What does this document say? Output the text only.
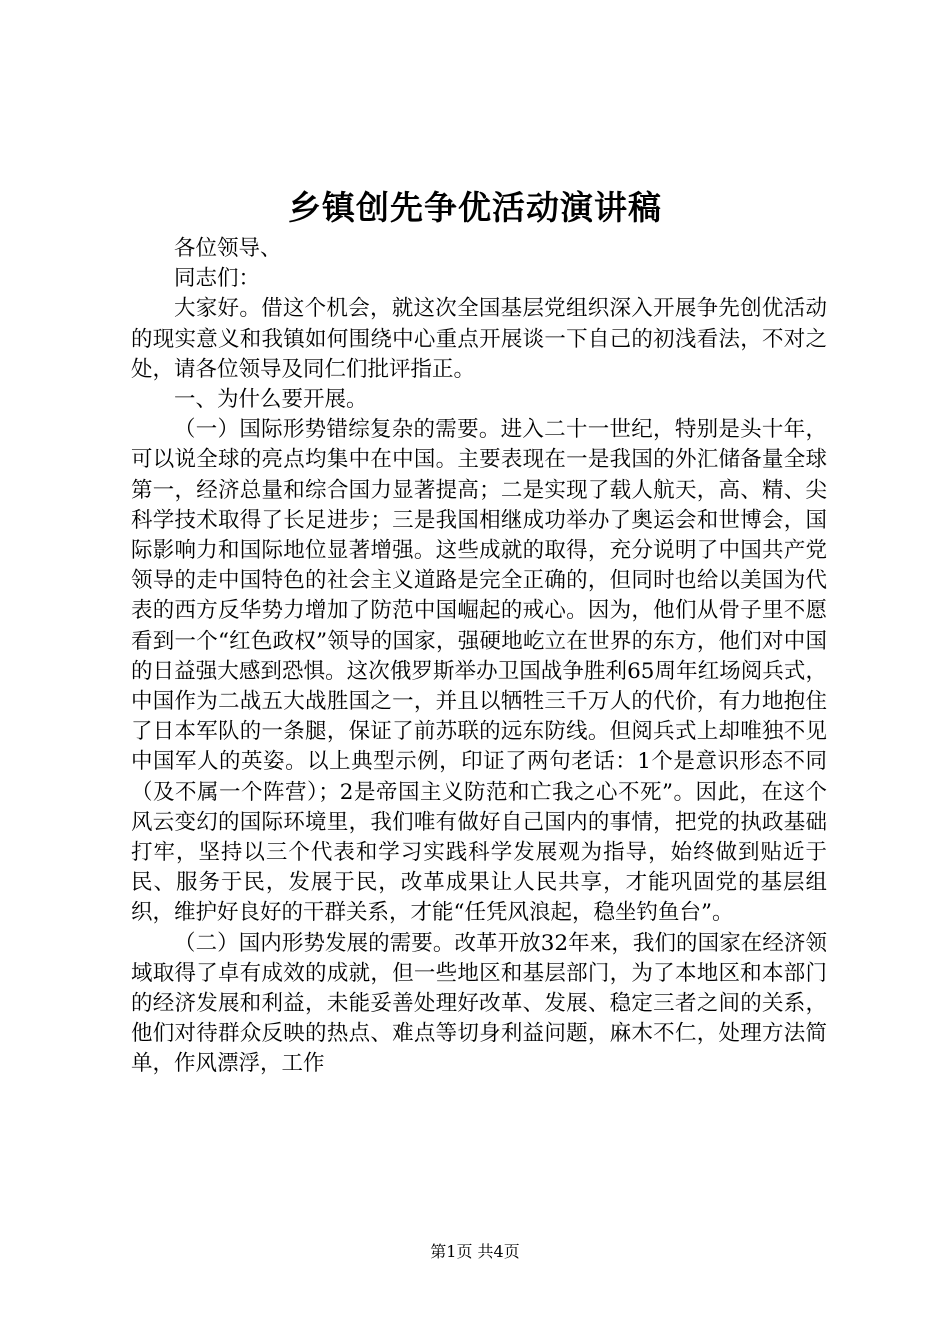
乡镇创先争优活动演讲稿

各位领导、

同志们：

大家好。借这个机会，就这次全国基层党组织深入开展争先创优活动的现实意义和我镇如何围绕中心重点开展谈一下自己的初浅看法，不对之处，请各位领导及同仁们批评指正。

一、为什么要开展。

（一）国际形势错综复杂的需要。进入二十一世纪，特别是头十年，可以说全球的亮点均集中在中国。主要表现在一是我国的外汇储备量全球第一，经济总量和综合国力显著提高；二是实现了载人航天，高、精、尖科学技术取得了长足进步；三是我国相继成功举办了奥运会和世博会，国际影响力和国际地位显著增强。这些成就的取得，充分说明了中国共产党领导的走中国特色的社会主义道路是完全正确的，但同时也给以美国为代表的西方反华势力增加了防范中国崛起的戒心。因为，他们从骨子里不愿看到一个“红色政权”领导的国家，强硬地屹立在世界的东方，他们对中国的日益强大感到恐惧。这次俄罗斯举办卫国战争胜利65周年红场阅兵式，中国作为二战五大战胜国之一，并且以牺牲三千万人的代价，有力地抱住了日本军队的一条腿，保证了前苏联的远东防线。但阅兵式上却唯独不见中国军人的英姿。以上典型示例，印证了两句老话：1个是意识形态不同（及不属一个阵营）；2是帝国主义防范和亡我之心不死”。因此，在这个风云变幻的国际环境里，我们唯有做好自己国内的事情，把党的执政基础打牢，坚持以三个代表和学习实践科学发展观为指导，始终做到贴近于民、服务于民，发展于民，改革成果让人民共享，才能巩固党的基层组织，维护好良好的干群关系，才能“任凭风浪起，稳坐钓鱼台”。

（二）国内形势发展的需要。改革开放32年来，我们的国家在经济领域取得了卓有成效的成就，但一些地区和基层部门，为了本地区和本部门的经济发展和利益，未能妥善处理好改革、发展、稳定三者之间的关系，他们对待群众反映的热点、难点等切身利益问题，麻木不仁，处理方法简单，作风漂浮，工作

第1页 共4页
